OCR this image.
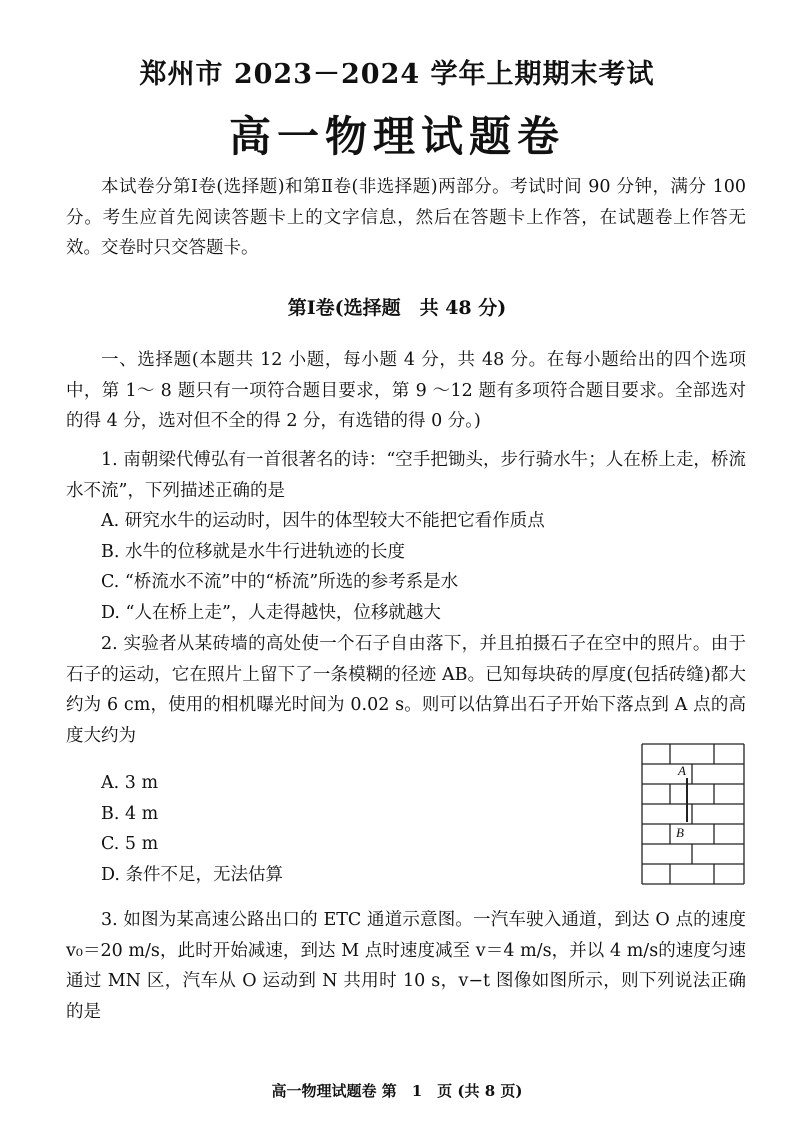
郑州市 2023－2024 学年上期期末考试
高一物理试题卷
本试卷分第Ⅰ卷(选择题)和第Ⅱ卷(非选择题)两部分。考试时间 90 分钟，满分 100 分。考生应首先阅读答题卡上的文字信息，然后在答题卡上作答，在试题卷上作答无效。交卷时只交答题卡。
第Ⅰ卷(选择题　共 48 分)
一、选择题(本题共 12 小题，每小题 4 分，共 48 分。在每小题给出的四个选项中，第 1～ 8 题只有一项符合题目要求，第 9 ～12 题有多项符合题目要求。全部选对的得 4 分，选对但不全的得 2 分，有选错的得 0 分。)
1. 南朝梁代傅弘有一首很著名的诗：“空手把锄头，步行骑水牛；人在桥上走，桥流水不流”，下列描述正确的是
A. 研究水牛的运动时，因牛的体型较大不能把它看作质点
B. 水牛的位移就是水牛行进轨迹的长度
C. “桥流水不流”中的“桥流”所选的参考系是水
D. “人在桥上走”，人走得越快，位移就越大
2. 实验者从某砖墙的高处使一个石子自由落下，并且拍摄石子在空中的照片。由于石子的运动，它在照片上留下了一条模糊的径迹 AB。已知每块砖的厚度(包括砖缝)都大约为 6 cm，使用的相机曝光时间为 0.02 s。则可以估算出石子开始下落点到 A 点的高度大约为
A. 3 m
B. 4 m
C. 5 m
D. 条件不足，无法估算
A
B
3. 如图为某高速公路出口的 ETC 通道示意图。一汽车驶入通道，到达 O 点的速度 v₀＝20 m/s，此时开始减速，到达 M 点时速度减至 v＝4 m/s，并以 4 m/s的速度匀速通过 MN 区，汽车从 O 运动到 N 共用时 10 s，v−t 图像如图所示，则下列说法正确的是
高一物理试题卷 第　1　页 (共 8 页)
